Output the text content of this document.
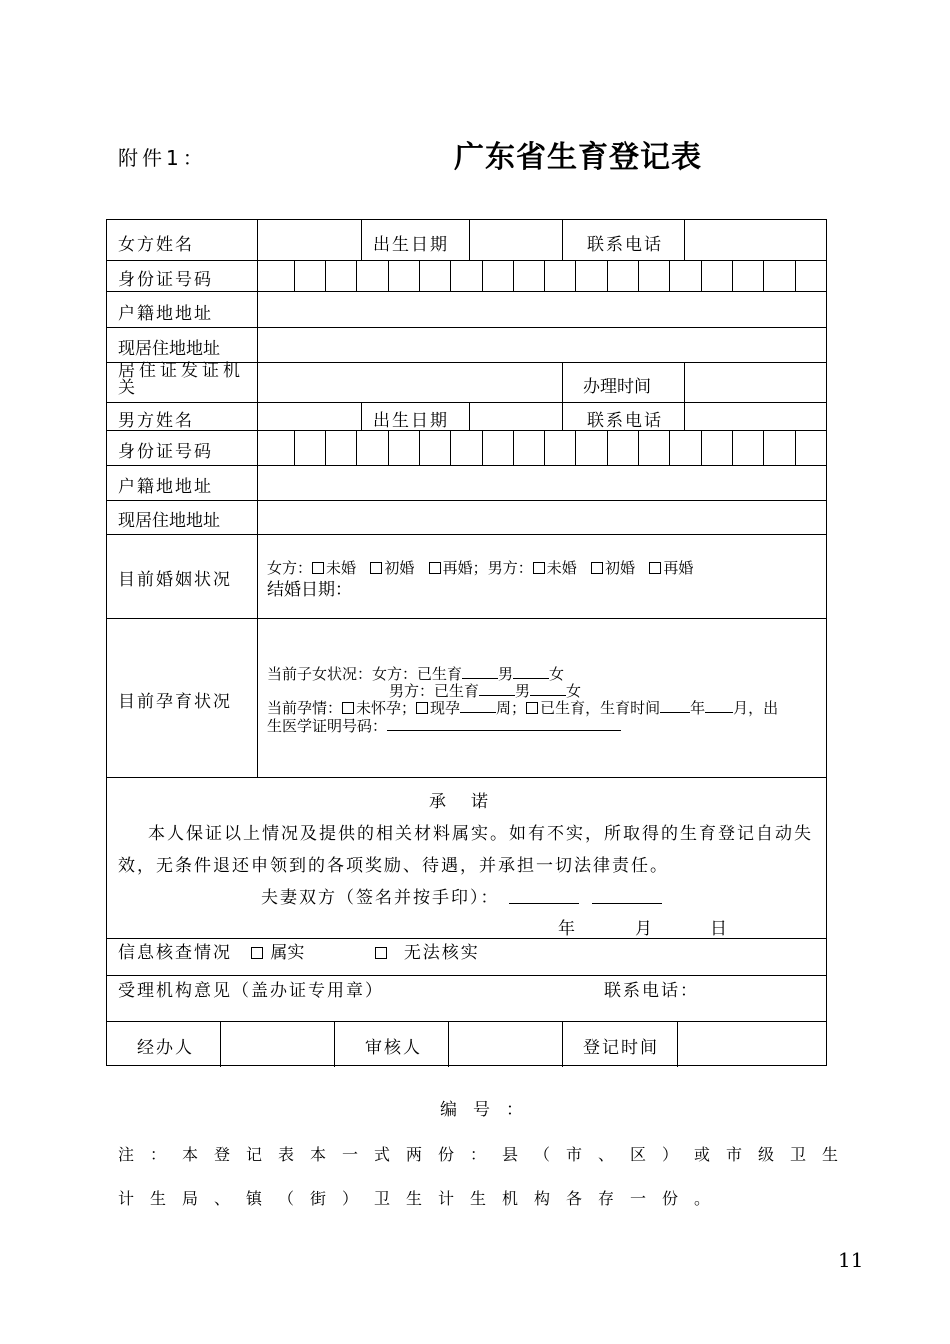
附件1：	广东省生育登记表
女方姓名	出生日期	联系电话
身份证号码
户籍地地址
现居住地地址
居住证发证机关	办理时间
男方姓名	出生日期	联系电话
身份证号码
户籍地地址
现居住地地址
目前婚姻状况
女方： 未婚 初婚 再婚；男方： 未婚 初婚 再婚
结婚日期：
目前孕育状况
当前子女状况：女方：已生育 男 女
男方：已生育 男 女
当前孕情： 未怀孕； 现孕 周； 已生育，生育时间 年 月，出
生医学证明号码：
承　诺
本人保证以上情况及提供的相关材料属实。如有不实，所取得的生育登记自动失
效，无条件退还申领到的各项奖励、待遇，并承担一切法律责任。
夫妻双方（签名并按手印）：
年	月	日
信息核查情况	属实	无法核实
受理机构意见（盖办证专用章）	联系电话：
经办人	审核人	登记时间
编号：
注：本登记表本一式两份：县（市、区）或市级卫生
计生局、镇（街）卫生计生机构各存一份。
11
